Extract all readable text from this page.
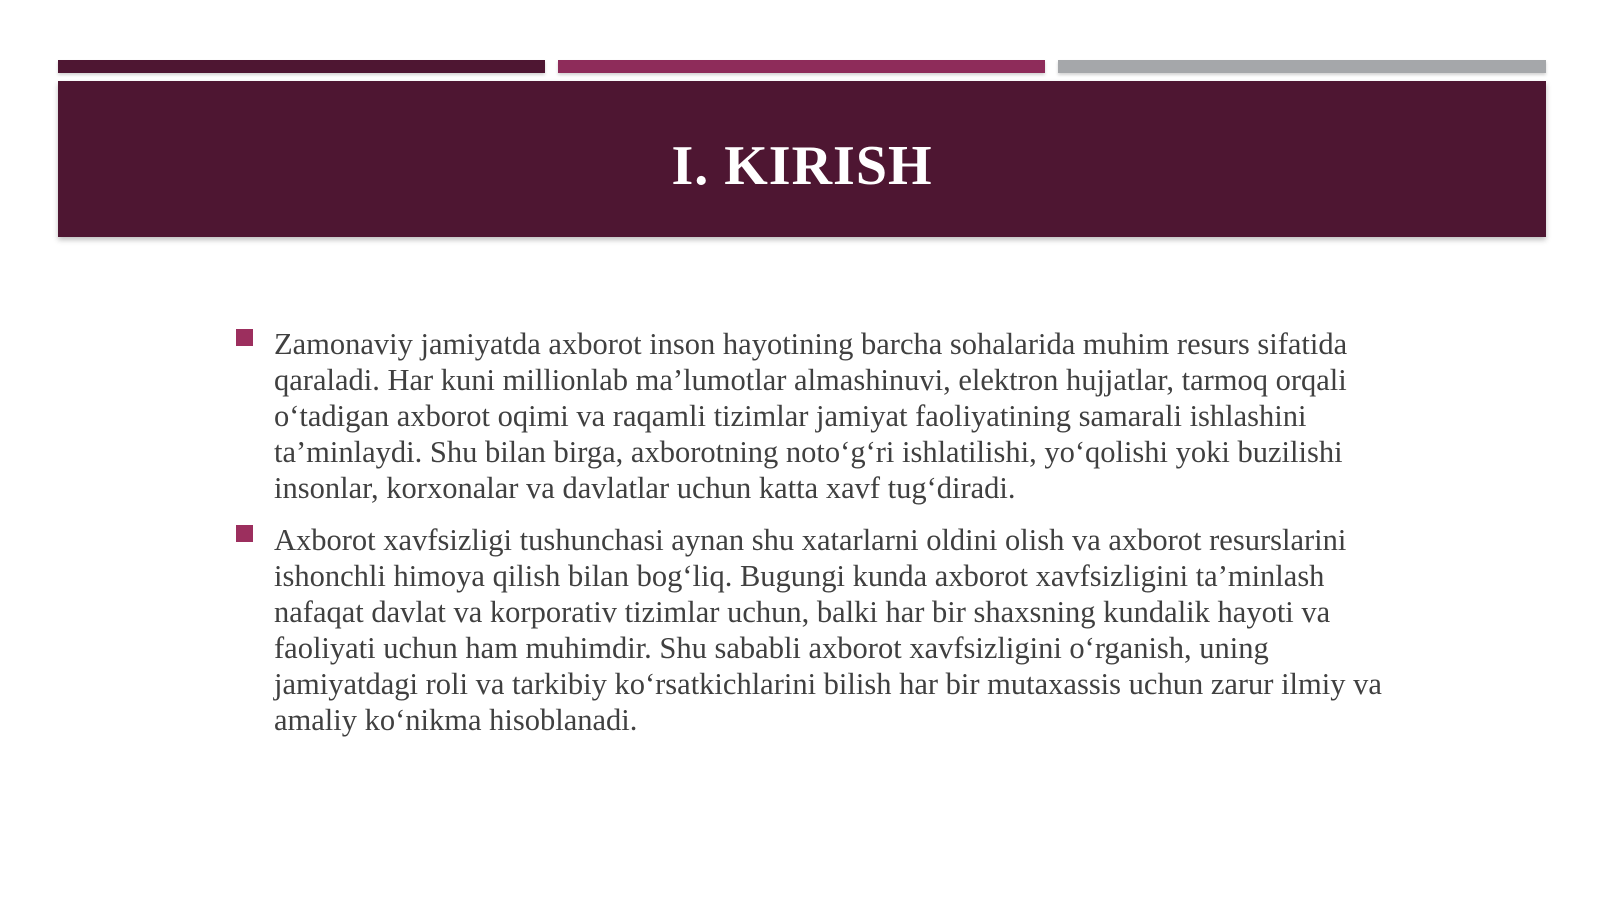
I. KIRISH
Zamonaviy jamiyatda axborot inson hayotining barcha sohalarida muhim resurs sifatida qaraladi. Har kuni millionlab ma’lumotlar almashinuvi, elektron hujjatlar, tarmoq orqali o‘tadigan axborot oqimi va raqamli tizimlar jamiyat faoliyatining samarali ishlashini ta’minlaydi. Shu bilan birga, axborotning noto‘g‘ri ishlatilishi, yo‘qolishi yoki buzilishi insonlar, korxonalar va davlatlar uchun katta xavf tug‘diradi.
Axborot xavfsizligi tushunchasi aynan shu xatarlarni oldini olish va axborot resurslarini ishonchli himoya qilish bilan bog‘liq. Bugungi kunda axborot xavfsizligini ta’minlash nafaqat davlat va korporativ tizimlar uchun, balki har bir shaxsning kundalik hayoti va faoliyati uchun ham muhimdir. Shu sababli axborot xavfsizligini o‘rganish, uning jamiyatdagi roli va tarkibiy ko‘rsatkichlarini bilish har bir mutaxassis uchun zarur ilmiy va amaliy ko‘nikma hisoblanadi.
